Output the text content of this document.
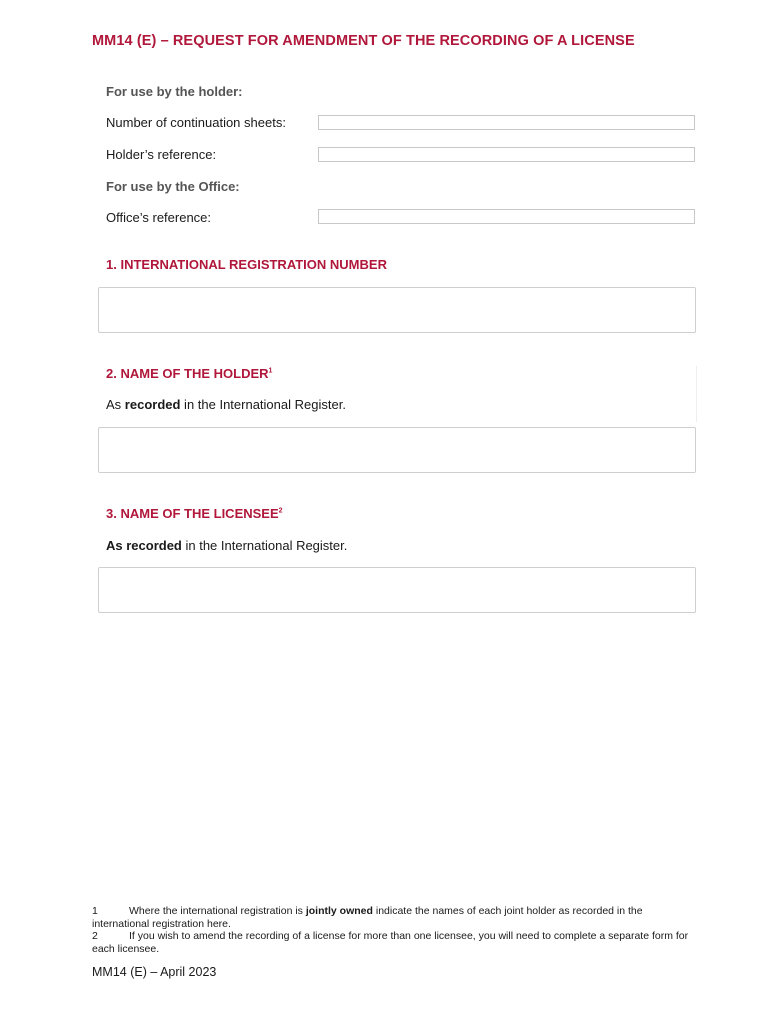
MM14 (E) – REQUEST FOR AMENDMENT OF THE RECORDING OF A LICENSE
For use by the holder:
Number of continuation sheets:
Holder’s reference:
For use by the Office:
Office’s reference:
1. INTERNATIONAL REGISTRATION NUMBER
2. NAME OF THE HOLDER$^1$
As recorded in the International Register.
3. NAME OF THE LICENSEE$^2$
As recorded in the International Register.
1	Where the international registration is jointly owned indicate the names of each joint holder as recorded in the international registration here.
2	If you wish to amend the recording of a license for more than one licensee, you will need to complete a separate form for each licensee.
MM14 (E) – April 2023
